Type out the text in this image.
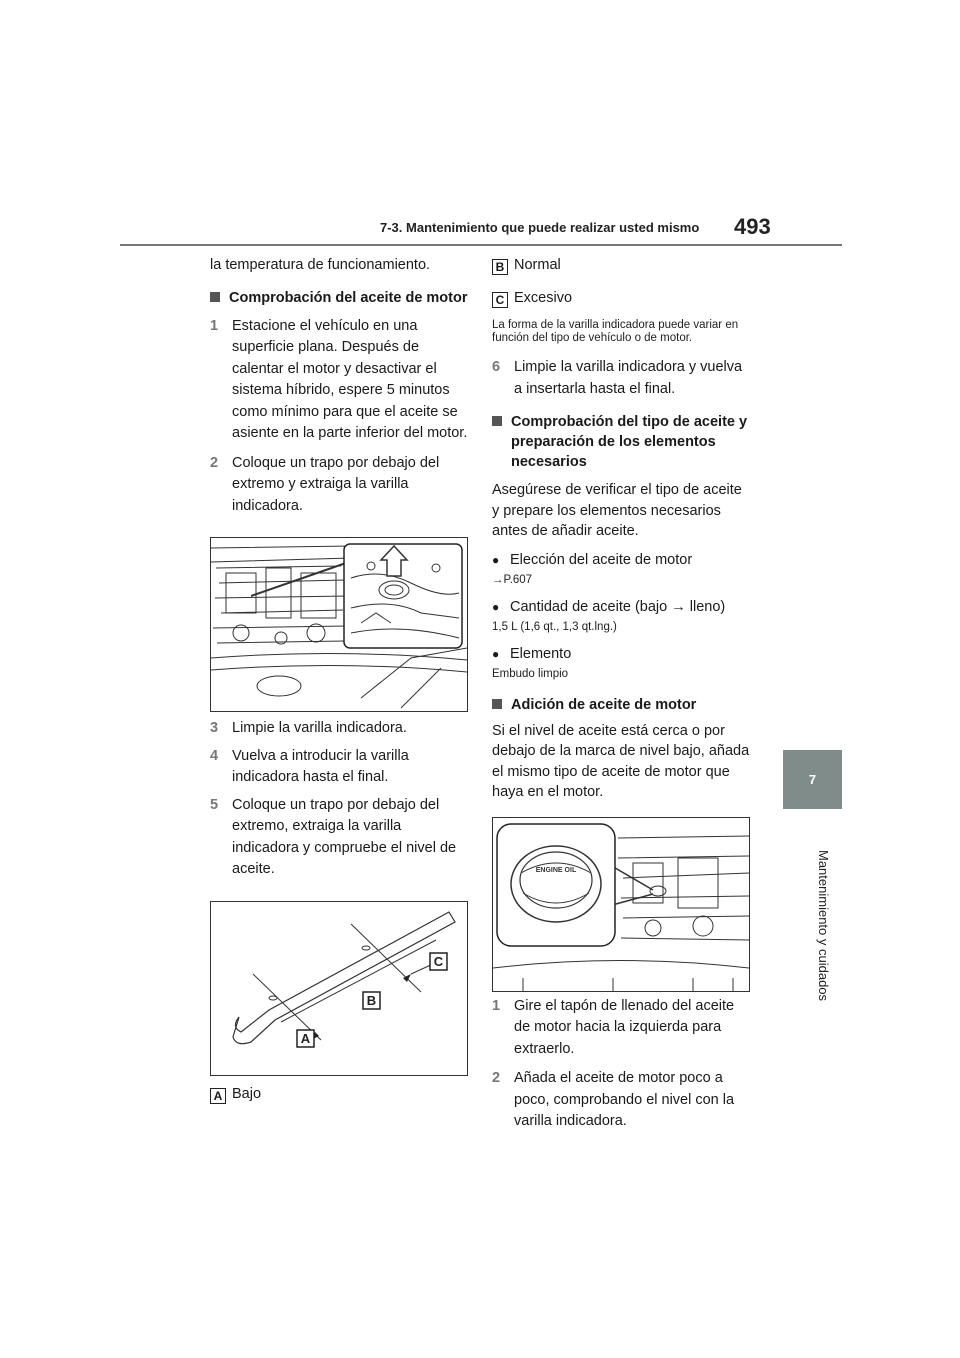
7-3. Mantenimiento que puede realizar usted mismo 493
7
Mantenimiento y cuidados

la temperatura de funcionamiento.

Comprobación del aceite de motor
1 Estacione el vehículo en una superficie plana. Después de calentar el motor y desactivar el sistema híbrido, espere 5 minutos como mínimo para que el aceite se asiente en la parte inferior del motor.
2 Coloque un trapo por debajo del extremo y extraiga la varilla indicadora.
3 Limpie la varilla indicadora.
4 Vuelva a introducir la varilla indicadora hasta el final.
5 Coloque un trapo por debajo del extremo, extraiga la varilla indicadora y compruebe el nivel de aceite.
C
B
A
A Bajo
B Normal
C Excesivo

La forma de la varilla indicadora puede variar en función del tipo de vehículo o de motor.

6 Limpie la varilla indicadora y vuelva a insertarla hasta el final.
Comprobación del tipo de aceite y preparación de los elementos necesarios

Asegúrese de verificar el tipo de aceite y prepare los elementos necesarios antes de añadir aceite.

● Elección del aceite de motor

→P.607

● Cantidad de aceite (bajo → lleno)

1,5 L (1,6 qt., 1,3 qt.lng.)

● Elemento

Embudo limpio

Adición de aceite de motor

Si el nivel de aceite está cerca o por debajo de la marca de nivel bajo, añada el mismo tipo de aceite de motor que haya en el motor.

ENGINE OIL
1 Gire el tapón de llenado del aceite de motor hacia la izquierda para extraerlo.
2 Añada el aceite de motor poco a poco, comprobando el nivel con la varilla indicadora.
